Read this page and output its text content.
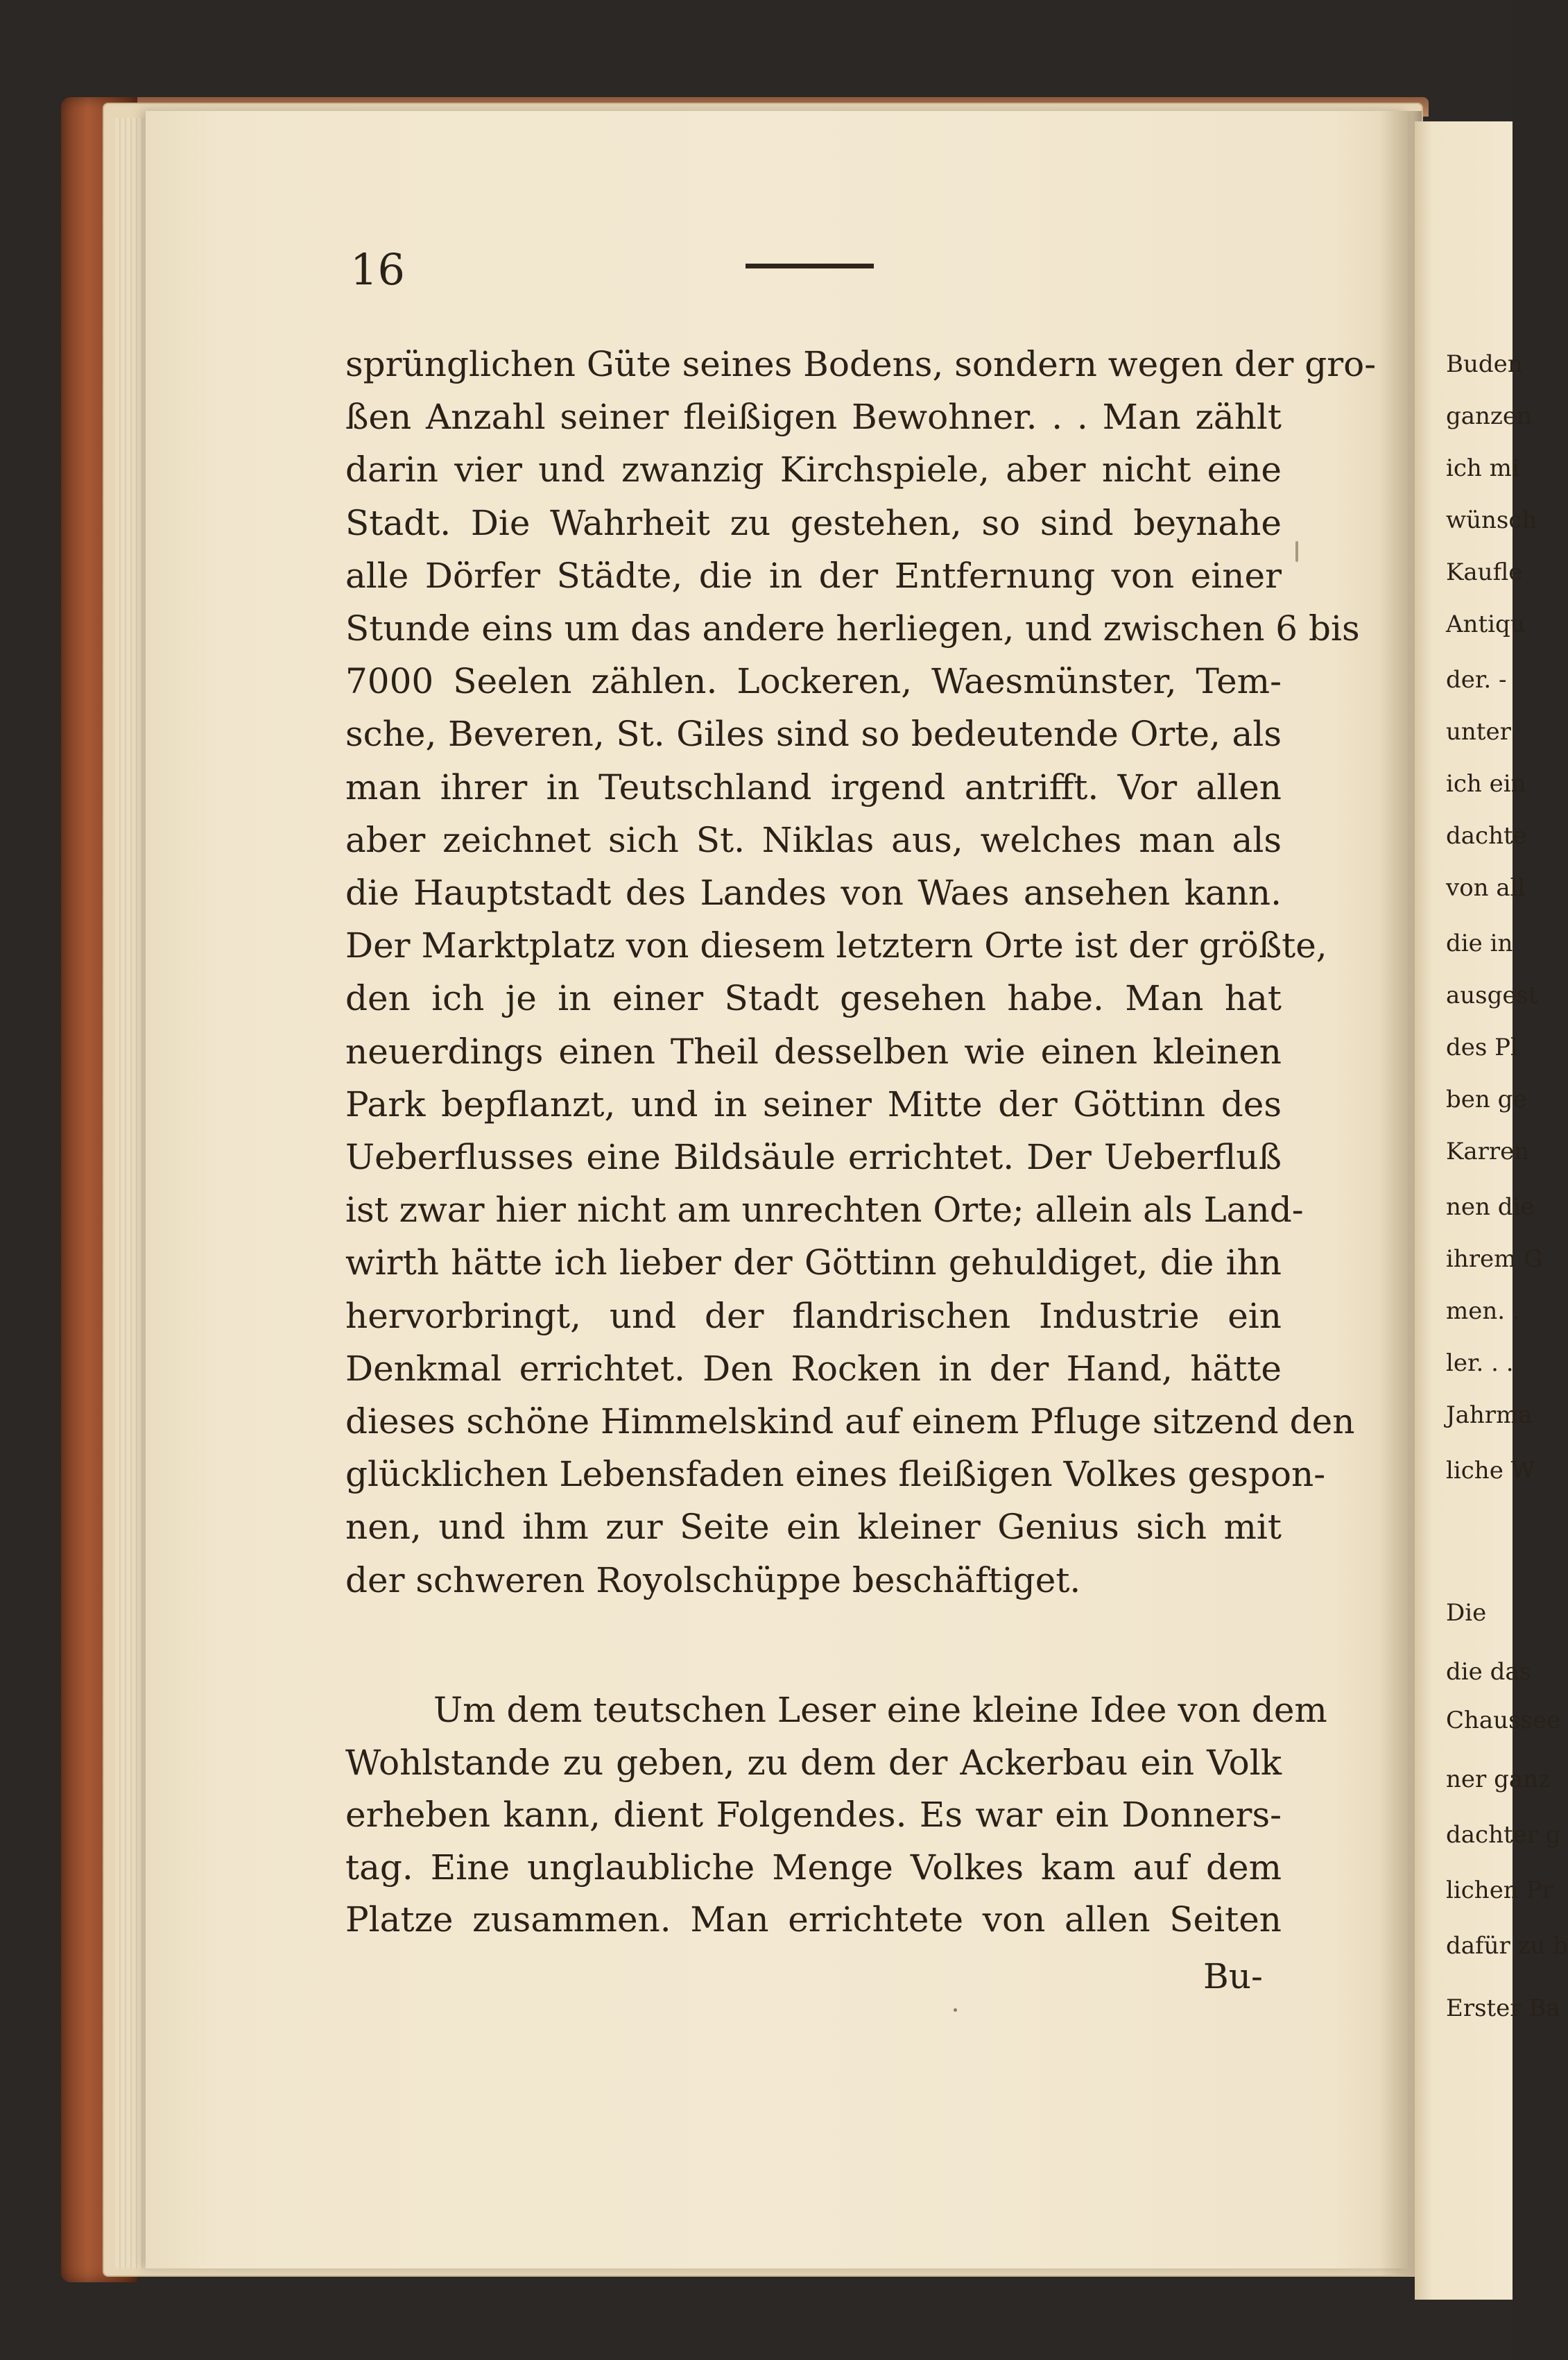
16
sprünglichen Güte seines Bodens, sondern wegen der gro-
ßen Anzahl seiner fleißigen Bewohner. . . Man zählt
darin vier und zwanzig Kirchspiele, aber nicht eine
Stadt. Die Wahrheit zu gestehen, so sind beynahe
alle Dörfer Städte, die in der Entfernung von einer
Stunde eins um das andere herliegen, und zwischen 6 bis
7000 Seelen zählen. Lockeren, Waesmünster, Tem-
sche, Beveren, St. Giles sind so bedeutende Orte, als
man ihrer in Teutschland irgend antrifft. Vor allen
aber zeichnet sich St. Niklas aus, welches man als
die Hauptstadt des Landes von Waes ansehen kann.
Der Marktplatz von diesem letztern Orte ist der größte,
den ich je in einer Stadt gesehen habe. Man hat
neuerdings einen Theil desselben wie einen kleinen
Park bepflanzt, und in seiner Mitte der Göttinn des
Ueberflusses eine Bildsäule errichtet. Der Ueberfluß
ist zwar hier nicht am unrechten Orte; allein als Land-
wirth hätte ich lieber der Göttinn gehuldiget, die ihn
hervorbringt, und der flandrischen Industrie ein
Denkmal errichtet. Den Rocken in der Hand, hätte
dieses schöne Himmelskind auf einem Pfluge sitzend den
glücklichen Lebensfaden eines fleißigen Volkes gespon-
nen, und ihm zur Seite ein kleiner Genius sich mit
der schweren Royolschüppe beschäftiget.
Um dem teutschen Leser eine kleine Idee von dem
Wohlstande zu geben, zu dem der Ackerbau ein Volk
erheben kann, dient Folgendes. Es war ein Donners-
tag. Eine unglaubliche Menge Volkes kam auf dem
Platze zusammen. Man errichtete von allen Seiten
Buden
ganzen
ich mi
wünsch
Kaufle
Antiqu
der. -
unter
ich ein
dachte
von all
die in
ausgest
des Pl
ben ge
Karren
nen die
ihrem G
men. .
ler. . .
Jahrma
liche W
Die
die das
Chaussee
ner ganz
dachter g
lichen Pr
dafür zu b
Erster Ba
Bu-
